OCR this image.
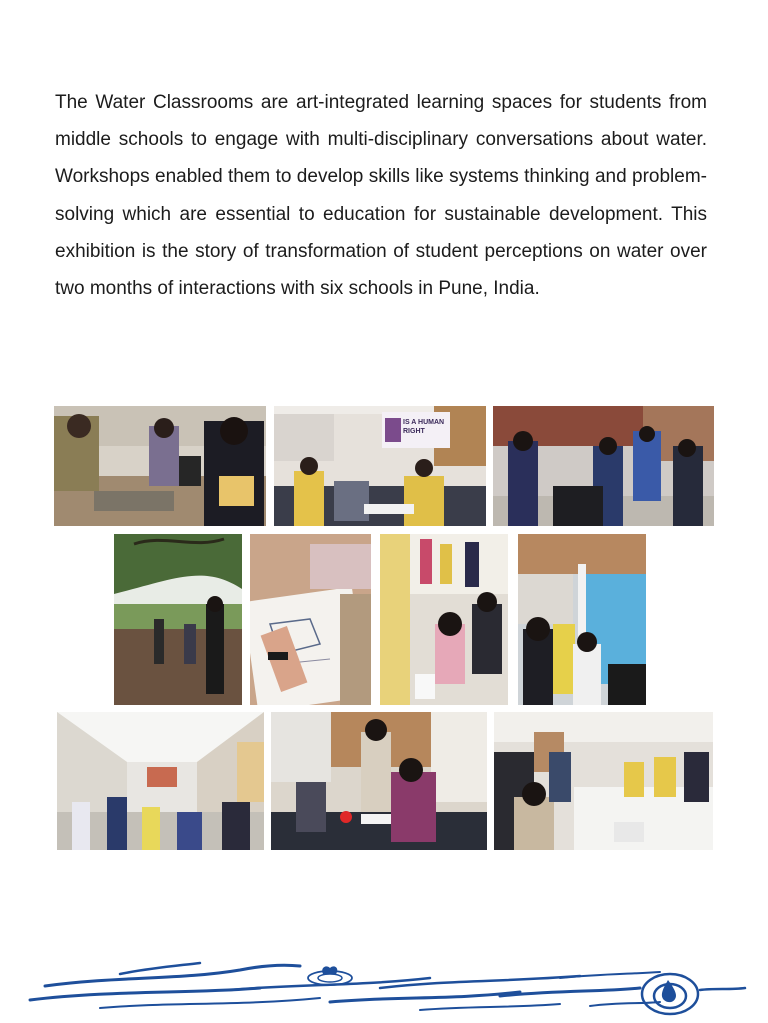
The Water Classrooms are art-integrated learning spaces for students from middle schools to engage with multi-disciplinary conversations about water. Workshops enabled them to develop skills like systems thinking and problem-solving which are essential to education for sustainable development. This exhibition is the story of transformation of student perceptions on water over two months of interactions with six schools in Pune, India.

IS A HUMAN RIGHT
